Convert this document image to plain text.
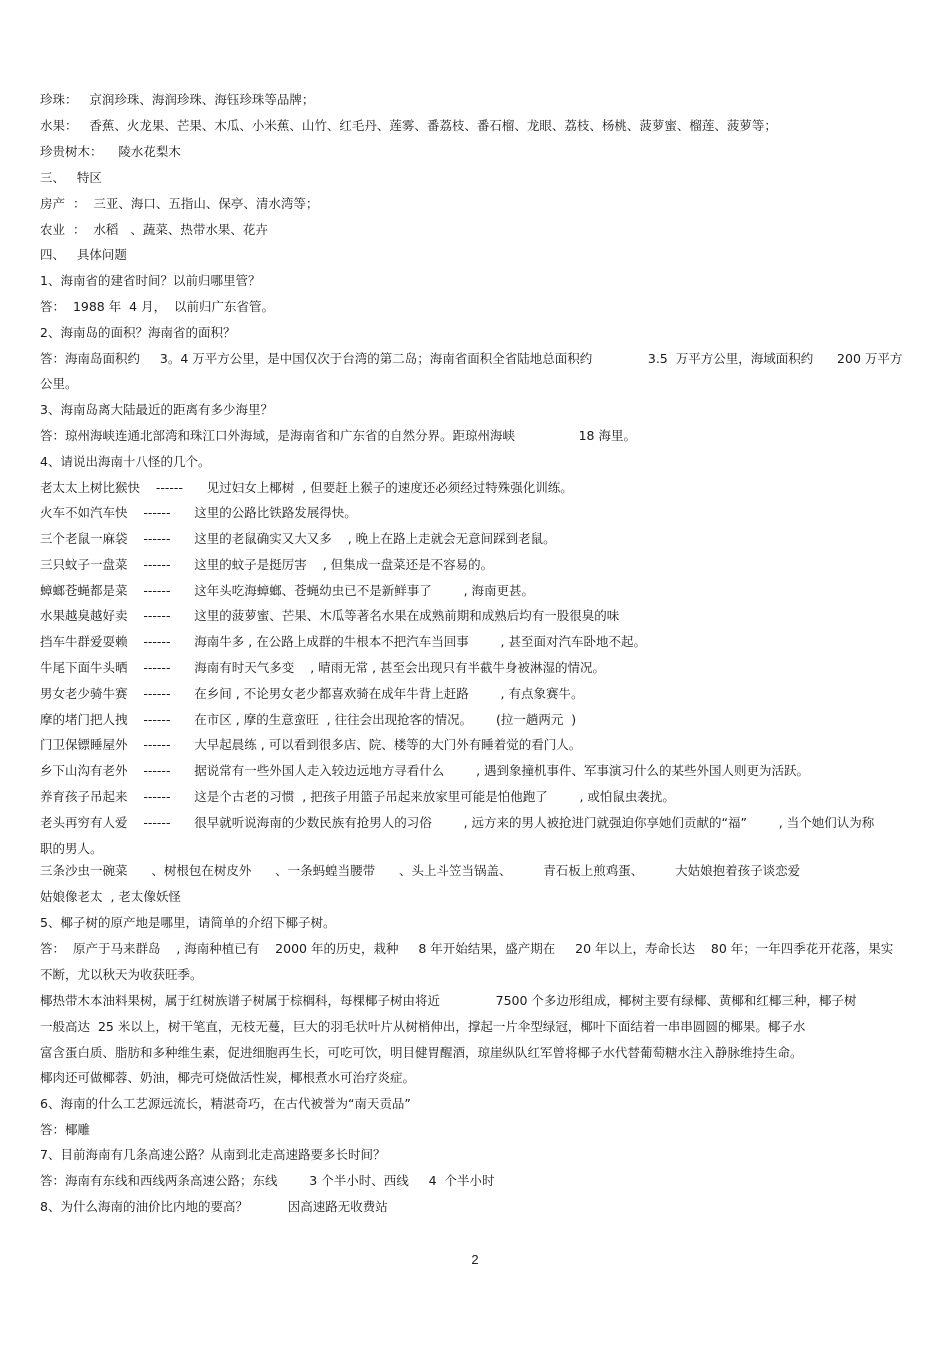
珍珠：   京润珍珠、海润珍珠、海钰珍珠等品牌；
水果：   香蕉、火龙果、芒果、木瓜、小米蕉、山竹、红毛丹、莲雾、番荔枝、番石榴、龙眼、荔枝、杨桃、菠萝蜜、榴莲、菠萝等；
珍贵树木：    陵水花梨木
三、   特区
房产  ：  三亚、海口、五指山、保亭、清水湾等；
农业  ：  水稻   、蔬菜、热带水果、花卉
四、   具体问题
1、海南省的建省时间？以前归哪里管？
答：  1988 年  4 月，  以前归广东省管。
2、海南岛的面积？海南省的面积？
答：海南岛面积约     3。4 万平方公里，是中国仅次于台湾的第二岛；海南省面积全省陆地总面积约              3.5  万平方公里，海域面积约      200 万平方
公里。
3、海南岛离大陆最近的距离有多少海里？
答：琼州海峡连通北部湾和珠江口外海域，是海南省和广东省的自然分界。距琼州海峡                18 海里。
4、请说出海南十八怪的几个。
老太太上树比猴快    ------      见过妇女上椰树  , 但要赶上猴子的速度还必须经过特殊强化训练。
火车不如汽车快    ------      这里的公路比铁路发展得快。
三个老鼠一麻袋    ------      这里的老鼠确实又大又多    , 晚上在路上走就会无意间踩到老鼠。
三只蚊子一盘菜    ------      这里的蚊子是挺厉害    , 但集成一盘菜还是不容易的。
蟑螂苍蝇都是菜    ------      这年头吃海蟑螂、苍蝇幼虫已不是新鲜事了        , 海南更甚。
水果越臭越好卖    ------      这里的菠萝蜜、芒果、木瓜等著名水果在成熟前期和成熟后均有一股很臭的味
挡车牛群爱耍赖    ------      海南牛多 , 在公路上成群的牛根本不把汽车当回事        , 甚至面对汽车卧地不起。
牛尾下面牛头晒    ------      海南有时天气多变    , 晴雨无常 , 甚至会出现只有半截牛身被淋湿的情况。
男女老少骑牛赛    ------      在乡间 , 不论男女老少都喜欢骑在成年牛背上赶路        , 有点象赛牛。
摩的堵门把人拽    ------      在市区 , 摩的生意蛮旺  , 往往会出现抢客的情况。      (拉一趟两元  )
门卫保镖睡屋外    ------      大早起晨练 , 可以看到很多店、院、楼等的大门外有睡着觉的看门人。
乡下山沟有老外    ------      据说常有一些外国人走入较边远地方寻看什么        , 遇到象撞机事件、军事演习什么的某些外国人则更为活跃。
养育孩子吊起来    ------      这是个古老的习惯  , 把孩子用篮子吊起来放家里可能是怕他跑了        , 或怕鼠虫袭扰。
老头再穷有人爱    ------      很早就听说海南的少数民族有抢男人的习俗        , 远方来的男人被抢进门就强迫你享她们贡献的“福”        , 当个她们认为称
职的男人。
三条沙虫一碗菜      、树根包在树皮外      、一条蚂蝗当腰带      、头上斗笠当锅盖、        青石板上煎鸡蛋、        大姑娘抱着孩子谈恋爱
姑娘像老太  , 老太像妖怪
5、椰子树的原产地是哪里，请简单的介绍下椰子树。
答：  原产于马来群岛    , 海南种植已有    2000 年的历史，栽种     8 年开始结果，盛产期在     20 年以上，寿命长达    80 年；一年四季花开花落，果实
不断，尤以秋天为收获旺季。
椰热带木本油料果树，属于红树族谱子树属于棕榈科，每棵椰子树由将近              7500 个多边形组成，椰树主要有绿椰、黄椰和红椰三种，椰子树
一般高达  25 米以上，树干笔直，无枝无蔓，巨大的羽毛状叶片从树梢伸出，撑起一片伞型绿冠，椰叶下面结着一串串圆圆的椰果。椰子水
富含蛋白质、脂肪和多种维生素，促进细胞再生长，可吃可饮，明目健胃醒酒，琼崖纵队红军曾将椰子水代替葡萄糖水注入静脉维持生命。
椰肉还可做椰蓉、奶油，椰壳可烧做活性炭，椰根煮水可治疗炎症。
6、海南的什么工艺源远流长，精湛奇巧，在古代被誉为“南天贡品”
答：椰雕
7、目前海南有几条高速公路？从南到北走高速路要多长时间？
答：海南有东线和西线两条高速公路；东线        3 个半小时、西线     4  个半小时
8、为什么海南的油价比内地的要高？          因高速路无收费站
2
